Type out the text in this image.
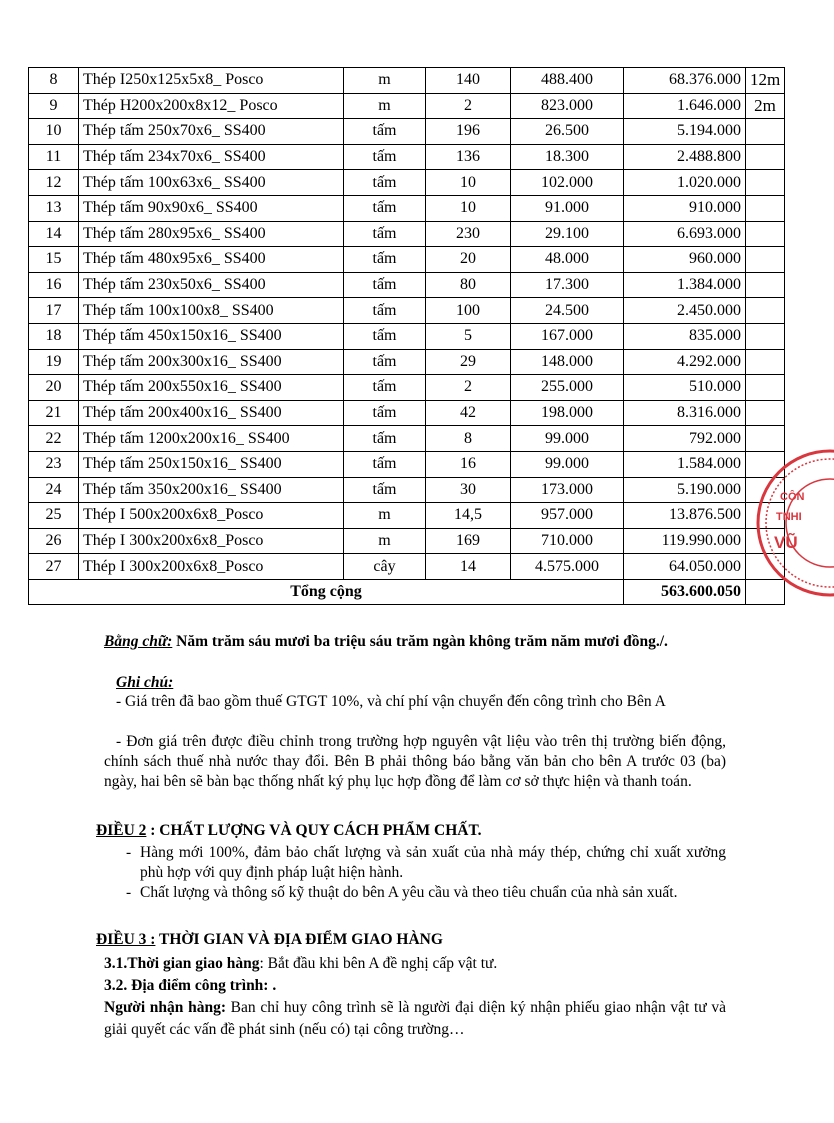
8	Thép I250x125x5x8_ Posco	m	140	488.400	68.376.000	12m
9	Thép H200x200x8x12_ Posco	m	2	823.000	1.646.000	2m
10	Thép tấm 250x70x6_ SS400	tấm	196	26.500	5.194.000	
11	Thép tấm 234x70x6_ SS400	tấm	136	18.300	2.488.800	
12	Thép tấm 100x63x6_ SS400	tấm	10	102.000	1.020.000	
13	Thép tấm 90x90x6_ SS400	tấm	10	91.000	910.000	
14	Thép tấm 280x95x6_ SS400	tấm	230	29.100	6.693.000	
15	Thép tấm 480x95x6_ SS400	tấm	20	48.000	960.000	
16	Thép tấm 230x50x6_ SS400	tấm	80	17.300	1.384.000	
17	Thép tấm 100x100x8_ SS400	tấm	100	24.500	2.450.000	
18	Thép tấm 450x150x16_ SS400	tấm	5	167.000	835.000	
19	Thép tấm 200x300x16_ SS400	tấm	29	148.000	4.292.000	
20	Thép tấm 200x550x16_ SS400	tấm	2	255.000	510.000	
21	Thép tấm 200x400x16_ SS400	tấm	42	198.000	8.316.000	
22	Thép tấm 1200x200x16_ SS400	tấm	8	99.000	792.000	
23	Thép tấm 250x150x16_ SS400	tấm	16	99.000	1.584.000	
24	Thép tấm 350x200x16_ SS400	tấm	30	173.000	5.190.000	
25	Thép I 500x200x6x8_Posco	m	14,5	957.000	13.876.500	
26	Thép I 300x200x6x8_Posco	m	169	710.000	119.990.000	
27	Thép I 300x200x6x8_Posco	cây	14	4.575.000	64.050.000	
Tổng cộng					563.600.050	
CÔN
TNHI
VŨ
Bằng chữ: Năm trăm sáu mươi ba triệu sáu trăm ngàn không trăm năm mươi đồng./.
Ghi chú:
- Giá trên đã bao gồm thuế GTGT 10%, và chí phí vận chuyển đến công trình cho Bên A
- Đơn giá trên được điều chỉnh trong trường hợp nguyên vật liệu vào trên thị trường biến động, chính sách thuế nhà nước thay đổi. Bên B phải thông báo bằng văn bản cho bên A trước 03 (ba) ngày, hai bên sẽ bàn bạc thống nhất ký phụ lục hợp đồng để làm cơ sở thực hiện và thanh toán.
ĐIỀU 2 : CHẤT LƯỢNG VÀ QUY CÁCH PHẨM CHẤT.
- Hàng mới 100%, đảm bảo chất lượng và sản xuất của nhà máy thép, chứng chỉ xuất xưởng phù hợp với quy định pháp luật hiện hành.
- Chất lượng và thông số kỹ thuật do bên A yêu cầu và theo tiêu chuẩn của nhà sản xuất.
ĐIỀU 3 : THỜI GIAN VÀ ĐỊA ĐIỂM GIAO HÀNG
3.1.Thời gian giao hàng: Bắt đầu khi bên A đề nghị cấp vật tư.
3.2. Địa điểm công trình: .
Người nhận hàng: Ban chỉ huy công trình sẽ là người đại diện ký nhận phiếu giao nhận vật tư và giải quyết các vấn đề phát sinh (nếu có) tại công trường…
